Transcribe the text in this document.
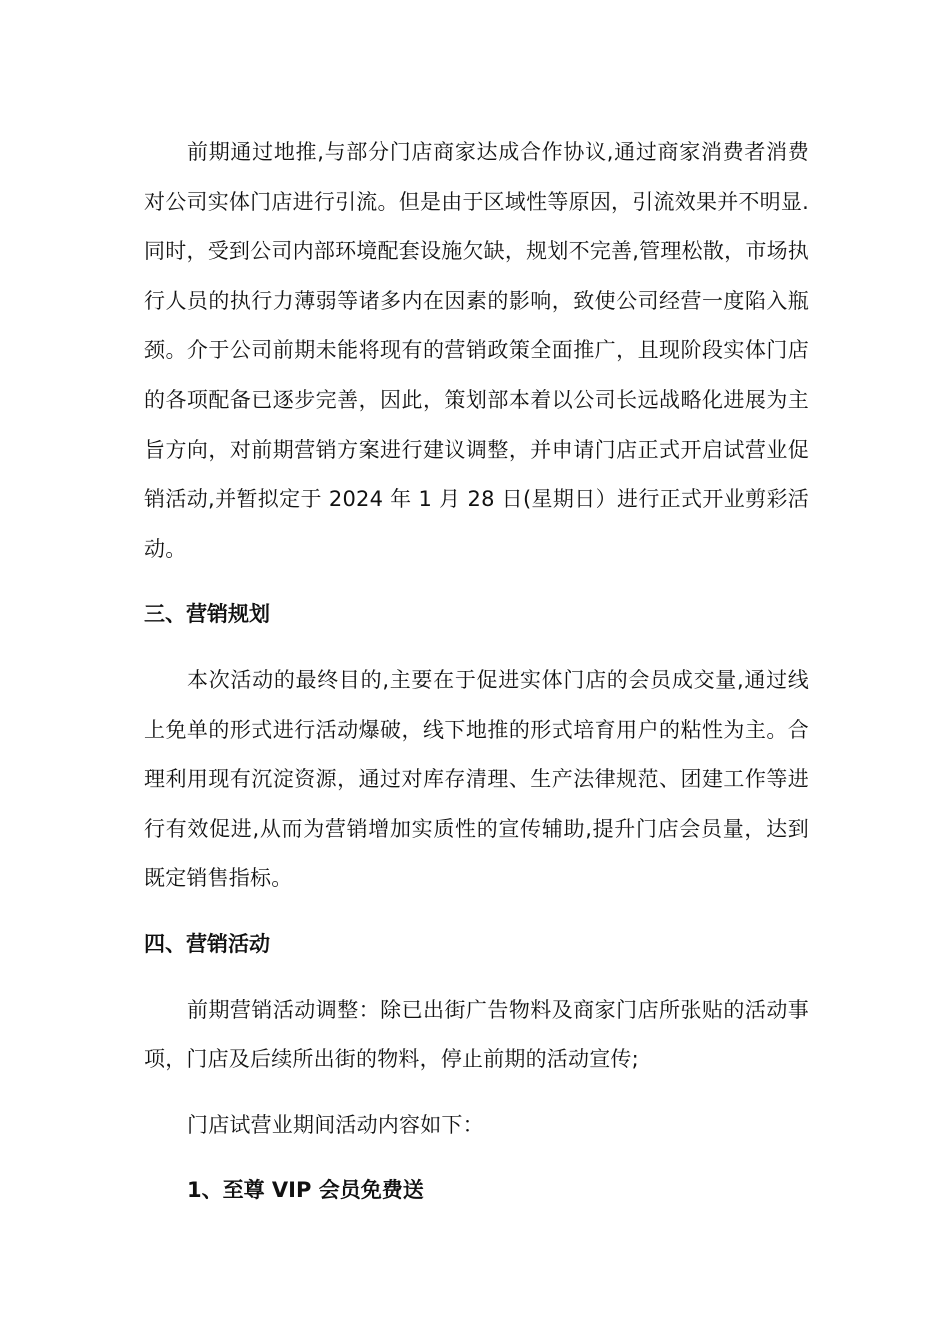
前期通过地推,与部分门店商家达成合作协议,通过商家消费者消费对公司实体门店进行引流。但是由于区域性等原因，引流效果并不明显.同时，受到公司内部环境配套设施欠缺，规划不完善,管理松散，市场执行人员的执行力薄弱等诸多内在因素的影响，致使公司经营一度陷入瓶颈。介于公司前期未能将现有的营销政策全面推广，且现阶段实体门店的各项配备已逐步完善，因此，策划部本着以公司长远战略化进展为主旨方向，对前期营销方案进行建议调整，并申请门店正式开启试营业促销活动,并暂拟定于 2024 年 1 月 28 日(星期日）进行正式开业剪彩活动。

三、营销规划

本次活动的最终目的,主要在于促进实体门店的会员成交量,通过线上免单的形式进行活动爆破，线下地推的形式培育用户的粘性为主。合理利用现有沉淀资源，通过对库存清理、生产法律规范、团建工作等进行有效促进,从而为营销增加实质性的宣传辅助,提升门店会员量，达到既定销售指标。

四、营销活动

前期营销活动调整：除已出街广告物料及商家门店所张贴的活动事项，门店及后续所出街的物料，停止前期的活动宣传;

门店试营业期间活动内容如下：

1、至尊 VIP 会员免费送
